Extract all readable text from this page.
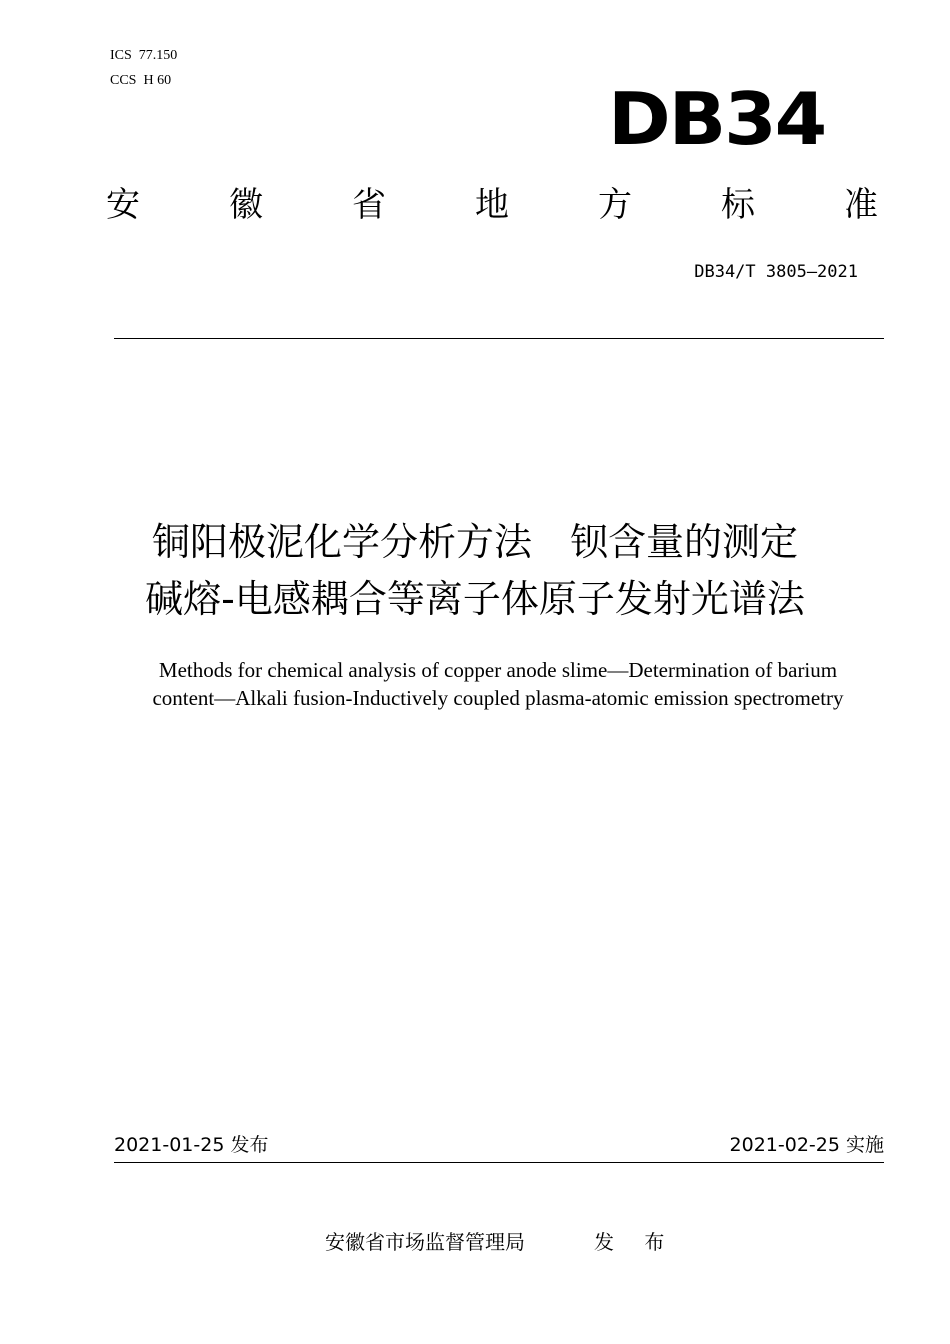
ICS  77.150
CCS  H 60	DB34
安	徽	省	地	方	标	准
DB34/T 3805—2021
铜阳极泥化学分析方法　钡含量的测定
碱熔-电感耦合等离子体原子发射光谱法
Methods for chemical analysis of copper anode slime—Determination of barium
content—Alkali fusion-Inductively coupled plasma-atomic emission spectrometry
2021-01-25 发布	2021-02-25 实施
安徽省市场监督管理局	发 布
